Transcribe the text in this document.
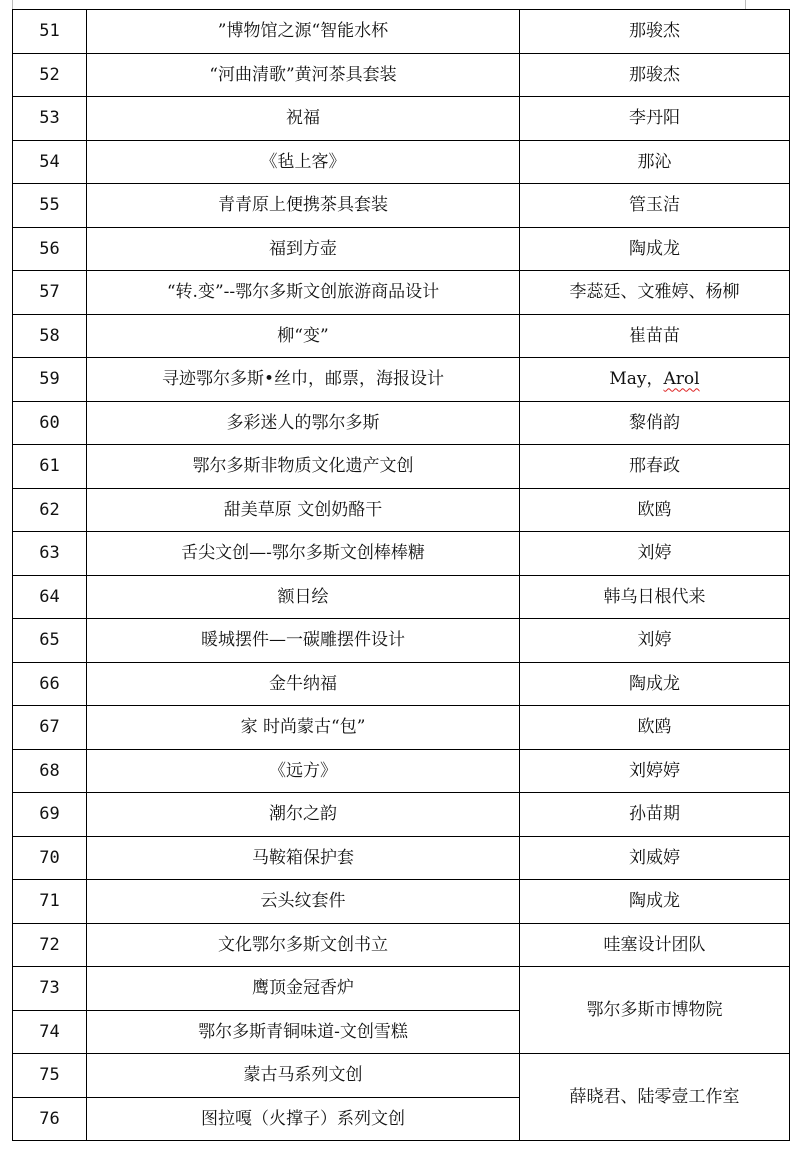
51	”博物馆之源“智能水杯	那骏杰
52	“河曲清歌”黄河茶具套装	那骏杰
53	祝福	李丹阳
54	《毡上客》	那沁
55	青青原上便携茶具套装	管玉洁
56	福到方壶	陶成龙
57	“转.变”--鄂尔多斯文创旅游商品设计	李蕊廷、文雅婷、杨柳
58	柳“变”	崔苗苗
59	寻迹鄂尔多斯•丝巾，邮票，海报设计	May，Arol
60	多彩迷人的鄂尔多斯	黎俏韵
61	鄂尔多斯非物质文化遗产文创	邢春政
62	甜美草原 文创奶酪干	欧鸥
63	舌尖文创—-鄂尔多斯文创棒棒糖	刘婷
64	额日绘	韩乌日根代来
65	暖城摆件—一碳雕摆件设计	刘婷
66	金牛纳福	陶成龙
67	家 时尚蒙古“包”	欧鸥
68	《远方》	刘婷婷
69	潮尔之韵	孙苗期
70	马鞍箱保护套	刘威婷
71	云头纹套件	陶成龙
72	文化鄂尔多斯文创书立	哇塞设计团队
73	鹰顶金冠香炉	鄂尔多斯市博物院
74	鄂尔多斯青铜味道-文创雪糕	
75	蒙古马系列文创	薛晓君、陆零壹工作室
76	图拉嘎（火撑子）系列文创	
